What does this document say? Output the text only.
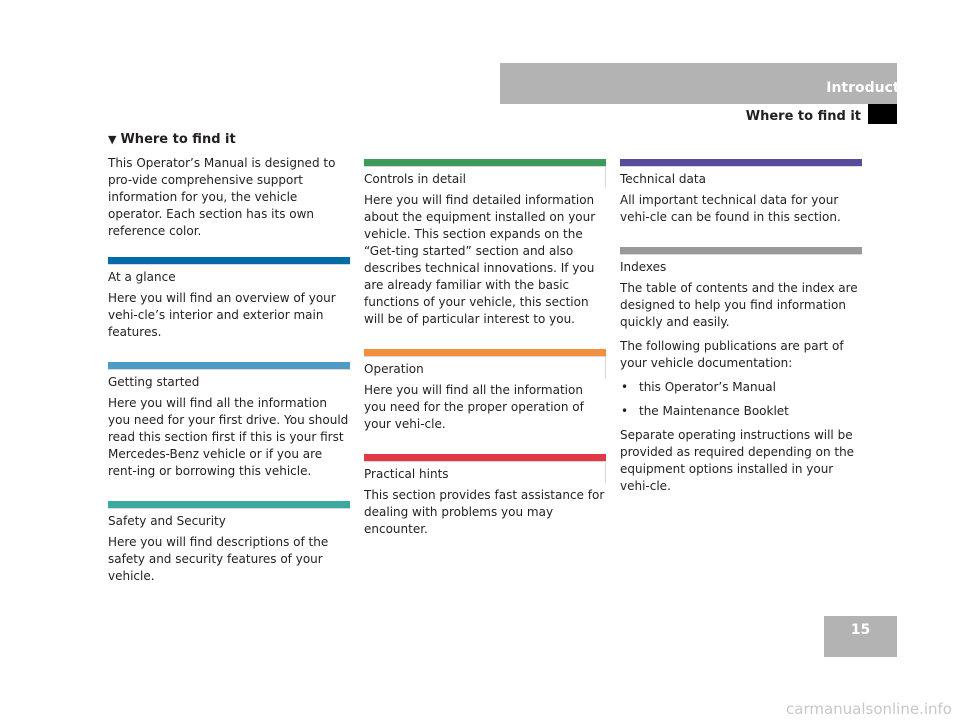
Introduction
Where to find it
▼ Where to find it

This Operator’s Manual is designed to pro-vide comprehensive support information for you, the vehicle operator. Each section has its own reference color.

At a glance

Here you will find an overview of your vehi-cle’s interior and exterior main features.

Getting started

Here you will find all the information you need for your first drive. You should read this section first if this is your first Mercedes-Benz vehicle or if you are rent-ing or borrowing this vehicle.

Safety and Security

Here you will find descriptions of the safety and security features of your vehicle.

Controls in detail

Here you will find detailed information about the equipment installed on your vehicle. This section expands on the “Get-ting started” section and also describes technical innovations. If you are already familiar with the basic functions of your vehicle, this section will be of particular interest to you.

Operation

Here you will find all the information you need for the proper operation of your vehi-cle.

Practical hints

This section provides fast assistance for dealing with problems you may encounter.

Technical data

All important technical data for your vehi-cle can be found in this section.

Indexes

The table of contents and the index are designed to help you find information quickly and easily.

The following publications are part of your vehicle documentation:

• this Operator’s Manual
• the Maintenance Booklet

Separate operating instructions will be provided as required depending on the equipment options installed in your vehi-cle.

15
carmanualsonline.info
